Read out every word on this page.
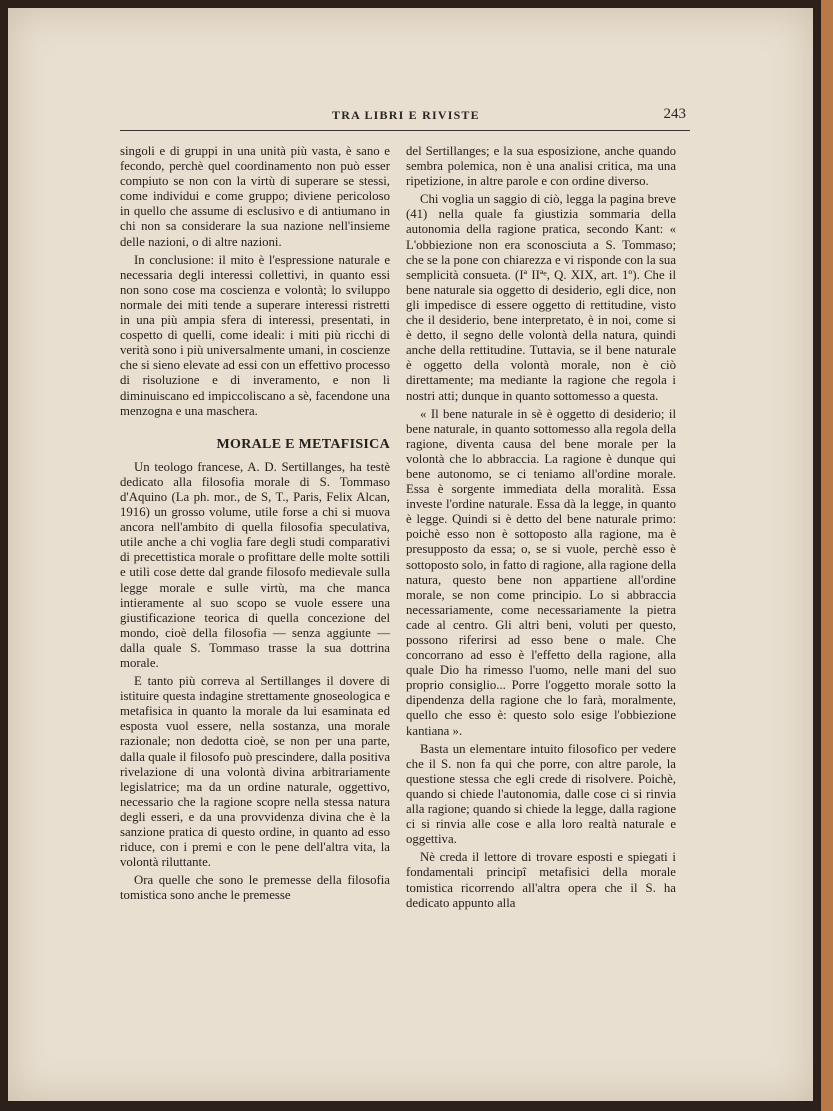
TRA LIBRI E RIVISTE	243

singoli e di gruppi in una unità più vasta, è sano e fecondo, perchè quel coordinamento non può esser compiuto se non con la virtù di superare se stessi, come individui e come gruppo; diviene pericoloso in quello che assume di esclusivo e di antiumano in chi non sa considerare la sua nazione nell'insieme delle nazioni, o di altre nazioni.

In conclusione: il mito è l'espressione naturale e necessaria degli interessi collettivi, in quanto essi non sono cose ma coscienza e volontà; lo sviluppo normale dei miti tende a superare interessi ristretti in una più ampia sfera di interessi, presentati, in cospetto di quelli, come ideali: i miti più ricchi di verità sono i più universalmente umani, in coscienze che si sieno elevate ad essi con un effettivo processo di risoluzione e di inveramento, e non li diminuiscano ed impiccoliscano a sè, facendone una menzogna e una maschera.

MORALE E METAFISICA

Un teologo francese, A. D. Sertillanges, ha testè dedicato alla filosofia morale di S. Tommaso d'Aquino (La ph. mor., de S, T., Paris, Felix Alcan, 1916) un grosso volume, utile forse a chi si muova ancora nell'ambito di quella filosofia speculativa, utile anche a chi voglia fare degli studi comparativi di precettistica morale o profittare delle molte sottili e utili cose dette dal grande filosofo medievale sulla legge morale e sulle virtù, ma che manca intieramente al suo scopo se vuole essere una giustificazione teorica di quella concezione del mondo, cioè della filosofia — senza aggiunte — dalla quale S. Tommaso trasse la sua dottrina morale.

E tanto più correva al Sertillanges il dovere di istituire questa indagine strettamente gnoseologica e metafisica in quanto la morale da lui esaminata ed esposta vuol essere, nella sostanza, una morale razionale; non dedotta cioè, se non per una parte, dalla quale il filosofo può prescindere, dalla positiva rivelazione di una volontà divina arbitrariamente legislatrice; ma da un ordine naturale, oggettivo, necessario che la ragione scopre nella stessa natura degli esseri, e da una provvidenza divina che è la sanzione pratica di questo ordine, in quanto ad esso riduce, con i premi e con le pene dell'altra vita, la volontà riluttante.

Ora quelle che sono le premesse della filosofia tomistica sono anche le premesse

del Sertillanges; e la sua esposizione, anche quando sembra polemica, non è una analisi critica, ma una ripetizione, in altre parole e con ordine diverso.

Chi voglia un saggio di ciò, legga la pagina breve (41) nella quale fa giustizia sommaria della autonomia della ragione pratica, secondo Kant: « L'obbiezione non era sconosciuta a S. Tommaso; che se la pone con chiarezza e vi risponde con la sua semplicità consueta. (Iª IIªᵉ, Q. XIX, art. 1º). Che il bene naturale sia oggetto di desiderio, egli dice, non gli impedisce di essere oggetto di rettitudine, visto che il desiderio, bene interpretato, è in noi, come si è detto, il segno delle volontà della natura, quindi anche della rettitudine. Tuttavia, se il bene naturale è oggetto della volontà morale, non è ciò direttamente; ma mediante la ragione che regola i nostri atti; dunque in quanto sottomesso a questa.

« Il bene naturale in sè è oggetto di desiderio; il bene naturale, in quanto sottomesso alla regola della ragione, diventa causa del bene morale per la volontà che lo abbraccia. La ragione è dunque qui bene autonomo, se ci teniamo all'ordine morale. Essa è sorgente immediata della moralità. Essa investe l'ordine naturale. Essa dà la legge, in quanto è legge. Quindi si è detto del bene naturale primo: poichè esso non è sottoposto alla ragione, ma è presupposto da essa; o, se si vuole, perchè esso è sottoposto solo, in fatto di ragione, alla ragione della natura, questo bene non appartiene all'ordine morale, se non come principio. Lo si abbraccia necessariamente, come necessariamente la pietra cade al centro. Gli altri beni, voluti per questo, possono riferirsi ad esso bene o male. Che concorrano ad esso è l'effetto della ragione, alla quale Dio ha rimesso l'uomo, nelle mani del suo proprio consiglio... Porre l'oggetto morale sotto la dipendenza della ragione che lo farà, moralmente, quello che esso è: questo solo esige l'obbiezione kantiana ».

Basta un elementare intuito filosofico per vedere che il S. non fa qui che porre, con altre parole, la questione stessa che egli crede di risolvere. Poichè, quando si chiede l'autonomia, dalle cose ci si rinvia alla ragione; quando si chiede la legge, dalla ragione ci si rinvia alle cose e alla loro realtà naturale e oggettiva.

Nè creda il lettore di trovare esposti e spiegati i fondamentali principî metafisici della morale tomistica ricorrendo all'altra opera che il S. ha dedicato appunto alla
